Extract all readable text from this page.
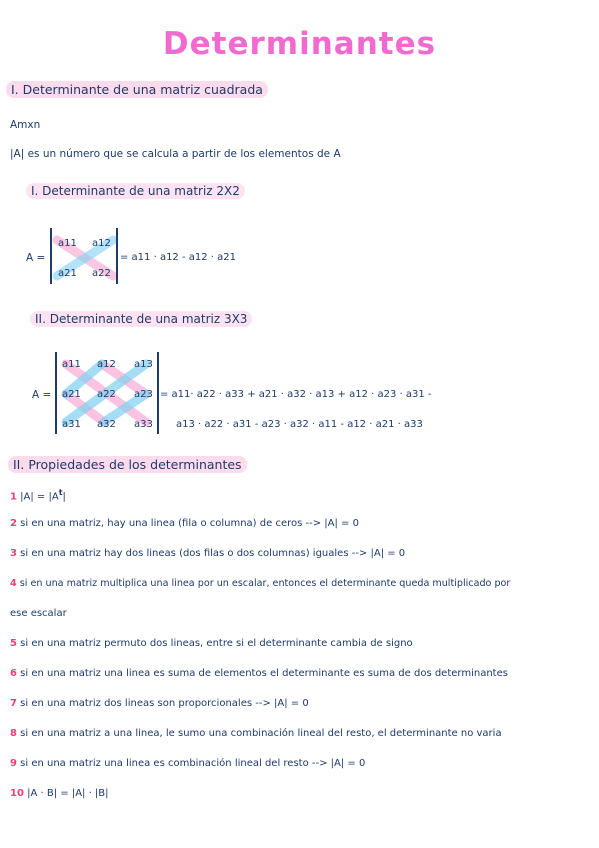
Determinantes
I. Determinante de una matriz cuadrada
Amxn
|A| es un número que se calcula a partir de los elementos de A
I. Determinante de una matriz 2X2
A =
a11 a12
a21 a22
= a11 · a12 - a12 · a21
II. Determinante de una matriz 3X3
A =
a11 a12 a13
a21 a22 a23
a31 a32 a33
= a11· a22 · a33 + a21 · a32 · a13 + a12 · a23 · a31 -
a13 · a22 · a31 - a23 · a32 · a11 - a12 · a21 · a33
II. Propiedades de los determinantes
1 $|A| = |A^t|$
2 si en una matriz, hay una linea (fila o columna) de ceros --> |A| = 0
3 si en una matriz hay dos lineas (dos filas o dos columnas) iguales --> |A| = 0
4 si en una matriz multiplica una linea por un escalar, entonces el determinante queda multiplicado por
ese escalar
5 si en una matriz permuto dos lineas, entre si el determinante cambia de signo
6 si en una matriz una linea es suma de elementos el determinante es suma de dos determinantes
7 si en una matriz dos lineas son proporcionales --> |A| = 0
8 si en una matriz a una linea, le sumo una combinación lineal del resto, el determinante no varia
9 si en una matriz una linea es combinación lineal del resto --> |A| = 0
10 |A · B| = |A| · |B|
